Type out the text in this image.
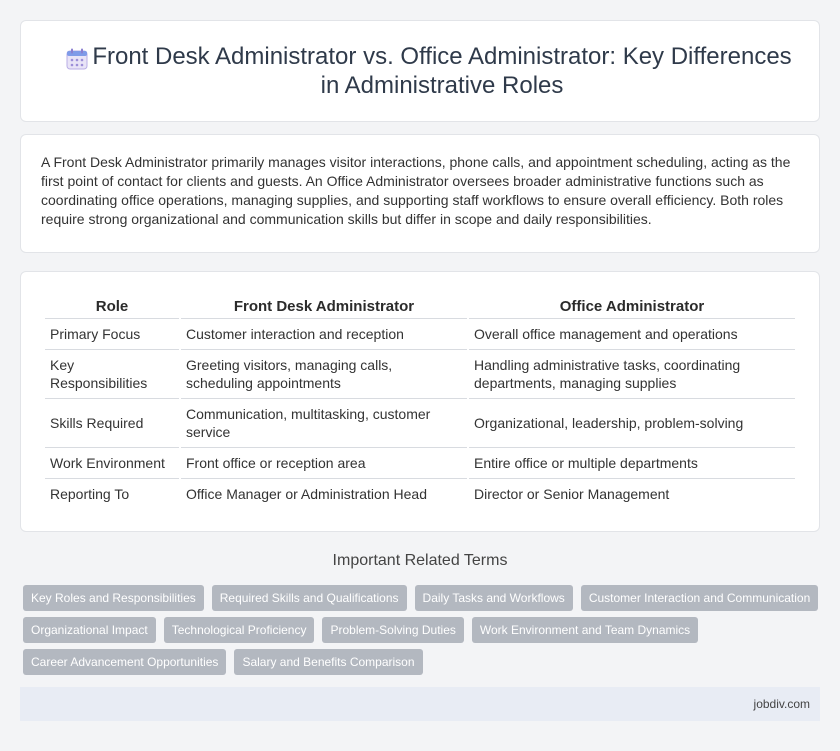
Front Desk Administrator vs. Office Administrator: Key Differences in Administrative Roles

A Front Desk Administrator primarily manages visitor interactions, phone calls, and appointment scheduling, acting as the first point of contact for clients and guests. An Office Administrator oversees broader administrative functions such as coordinating office operations, managing supplies, and supporting staff workflows to ensure overall efficiency. Both roles require strong organizational and communication skills but differ in scope and daily responsibilities.

Role	Front Desk Administrator	Office Administrator
Primary Focus	Customer interaction and reception	Overall office management and operations
Key Responsibilities	Greeting visitors, managing calls, scheduling appointments	Handling administrative tasks, coordinating departments, managing supplies
Skills Required	Communication, multitasking, customer service	Organizational, leadership, problem-solving
Work Environment	Front office or reception area	Entire office or multiple departments
Reporting To	Office Manager or Administration Head	Director or Senior Management
Important Related Terms
Key Roles and Responsibilities	Required Skills and Qualifications	Daily Tasks and Workflows	Customer Interaction and Communication
Organizational Impact	Technological Proficiency	Problem-Solving Duties	Work Environment and Team Dynamics
Career Advancement Opportunities	Salary and Benefits Comparison
jobdiv.com
